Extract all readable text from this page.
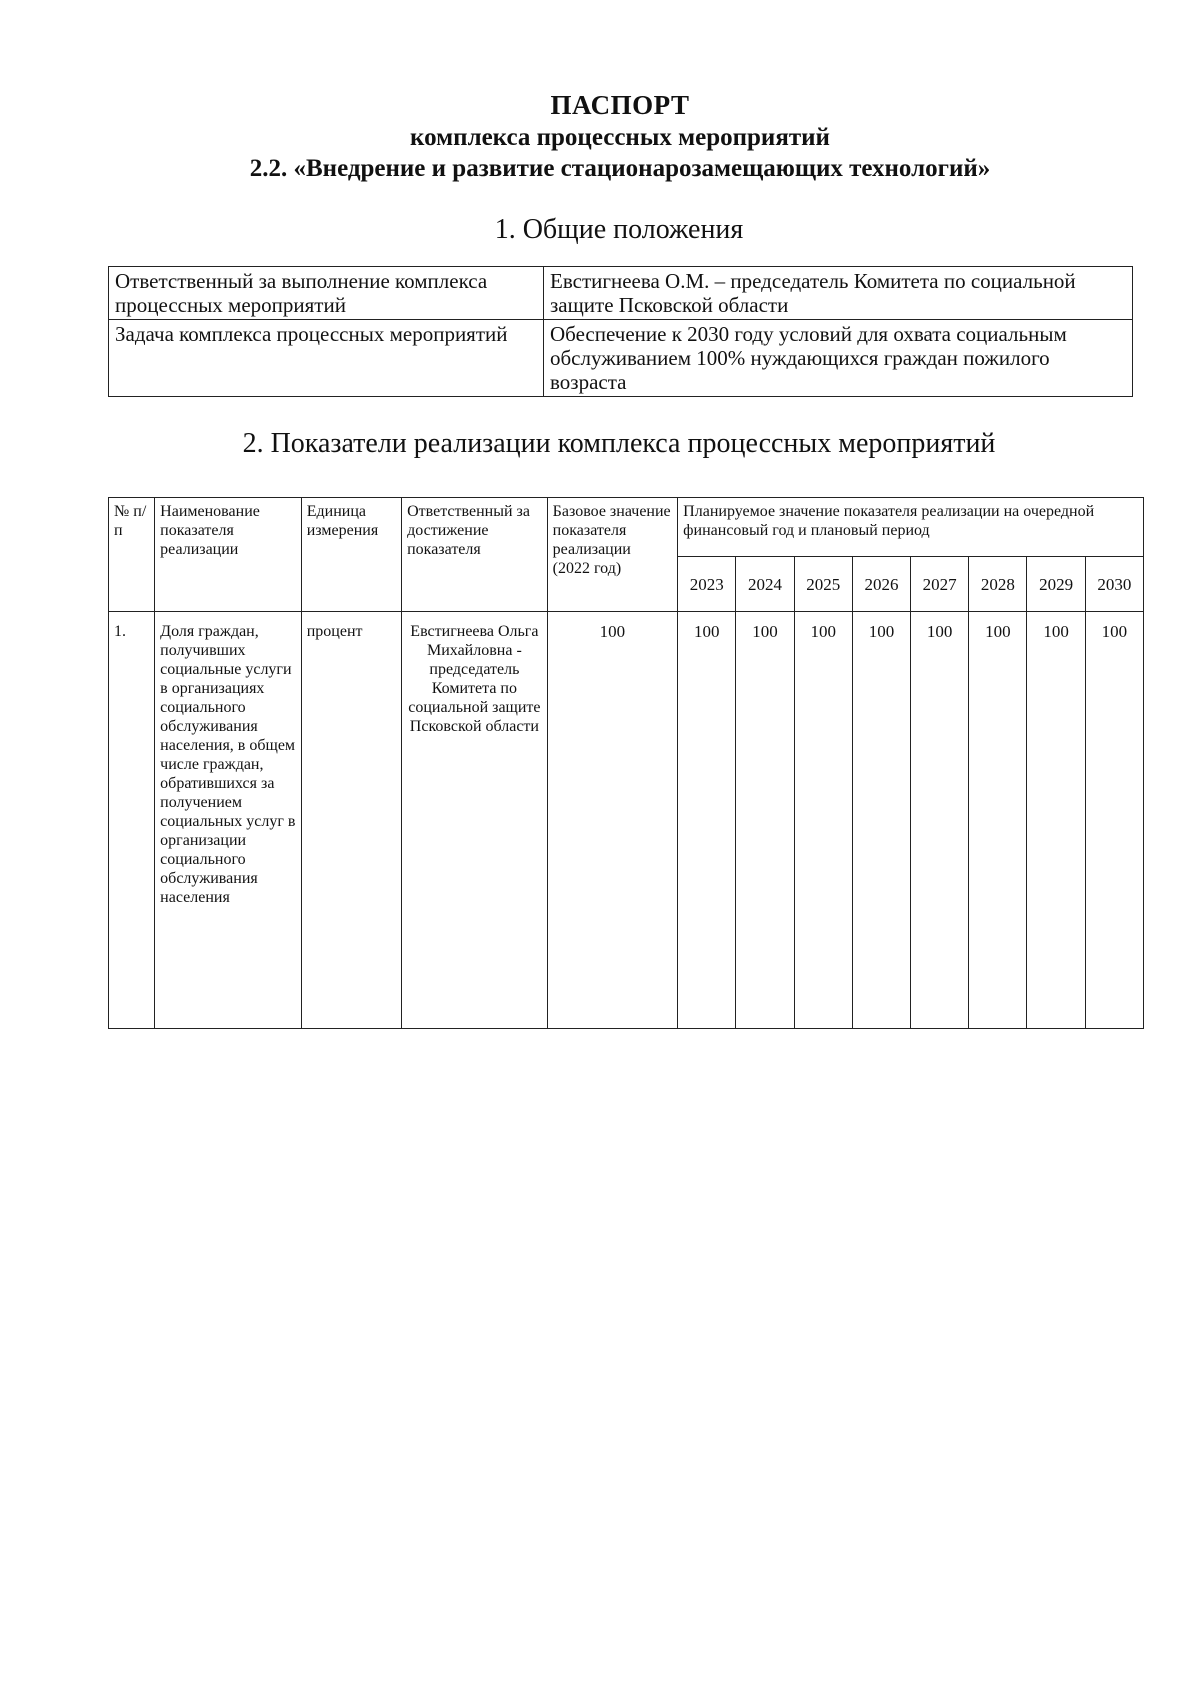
ПАСПОРТ
комплекса процессных мероприятий
2.2. «Внедрение и развитие стационарозамещающих технологий»
1. Общие положения
Ответственный за выполнение комплекса процессных мероприятий	Евстигнеева О.М. – председатель Комитета по социальной защите Псковской области
Задача комплекса процессных мероприятий	Обеспечение к 2030 году условий для охвата социальным обслуживанием 100% нуждающихся граждан пожилого возраста
2. Показатели реализации комплекса процессных мероприятий
№ п/п	Наименование показателя реализации	Единица измерения	Ответственный за достижение показателя	Базовое значение показателя реализации (2022 год)	Планируемое значение показателя реализации на очередной финансовый год и плановый период							
					2023	2024	2025	2026	2027	2028	2029	2030
1.	Доля граждан, получивших социальные услуги в организациях социального обслуживания населения, в общем числе граждан, обратившихся за получением социальных услуг в организации социального обслуживания населения	процент	Евстигнеева Ольга Михайловна - председатель Комитета по социальной защите Псковской области	100	100	100	100	100	100	100	100	100
